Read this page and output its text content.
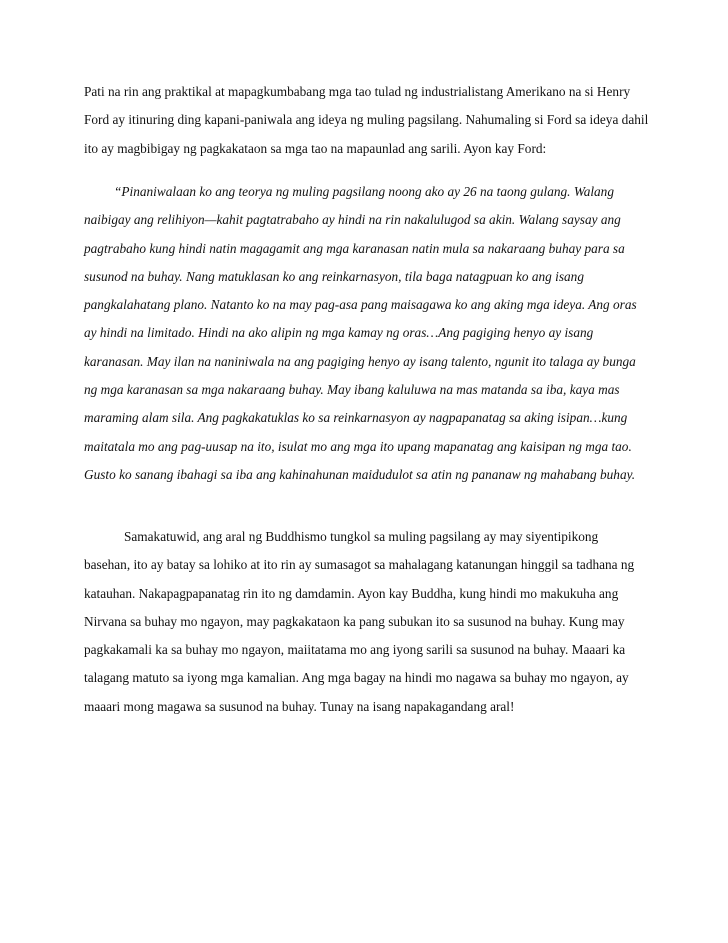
Pati na rin ang praktikal at mapagkumbabang mga tao tulad ng industrialistang Amerikano na si Henry
Ford ay itinuring ding kapani-paniwala ang ideya ng muling pagsilang. Nahumaling si Ford sa ideya dahil
ito ay magbibigay ng pagkakataon sa mga tao na mapaunlad ang sarili. Ayon kay Ford:

“Pinaniwalaan ko ang teorya ng muling pagsilang noong ako ay 26 na taong gulang. Walang
naibigay ang relihiyon—kahit pagtatrabaho ay hindi na rin nakalulugod sa akin. Walang saysay ang
pagtrabaho kung hindi natin magagamit ang mga karanasan natin mula sa nakaraang buhay para sa
susunod na buhay. Nang matuklasan ko ang reinkarnasyon, tila baga natagpuan ko ang isang
pangkalahatang plano. Natanto ko na may pag-asa pang maisagawa ko ang aking mga ideya. Ang oras
ay hindi na limitado. Hindi na ako alipin ng mga kamay ng oras…Ang pagiging henyo ay isang
karanasan. May ilan na naniniwala na ang pagiging henyo ay isang talento, ngunit ito talaga ay bunga
ng mga karanasan sa mga nakaraang buhay. May ibang kaluluwa na mas matanda sa iba, kaya mas
maraming alam sila. Ang pagkakatuklas ko sa reinkarnasyon ay nagpapanatag sa aking isipan…kung
maitatala mo ang pag-uusap na ito, isulat mo ang mga ito upang mapanatag ang kaisipan ng mga tao.
Gusto ko sanang ibahagi sa iba ang kahinahunan maidudulot sa atin ng pananaw ng mahabang buhay.

Samakatuwid, ang aral ng Buddhismo tungkol sa muling pagsilang ay may siyentipikong
basehan, ito ay batay sa lohiko at ito rin ay sumasagot sa mahalagang katanungan hinggil sa tadhana ng
katauhan. Nakapagpapanatag rin ito ng damdamin. Ayon kay Buddha, kung hindi mo makukuha ang
Nirvana sa buhay mo ngayon, may pagkakataon ka pang subukan ito sa susunod na buhay. Kung may
pagkakamali ka sa buhay mo ngayon, maiitatama mo ang iyong sarili sa susunod na buhay. Maaari ka
talagang matuto sa iyong mga kamalian. Ang mga bagay na hindi mo nagawa sa buhay mo ngayon, ay
maaari mong magawa sa susunod na buhay. Tunay na isang napakagandang aral!
